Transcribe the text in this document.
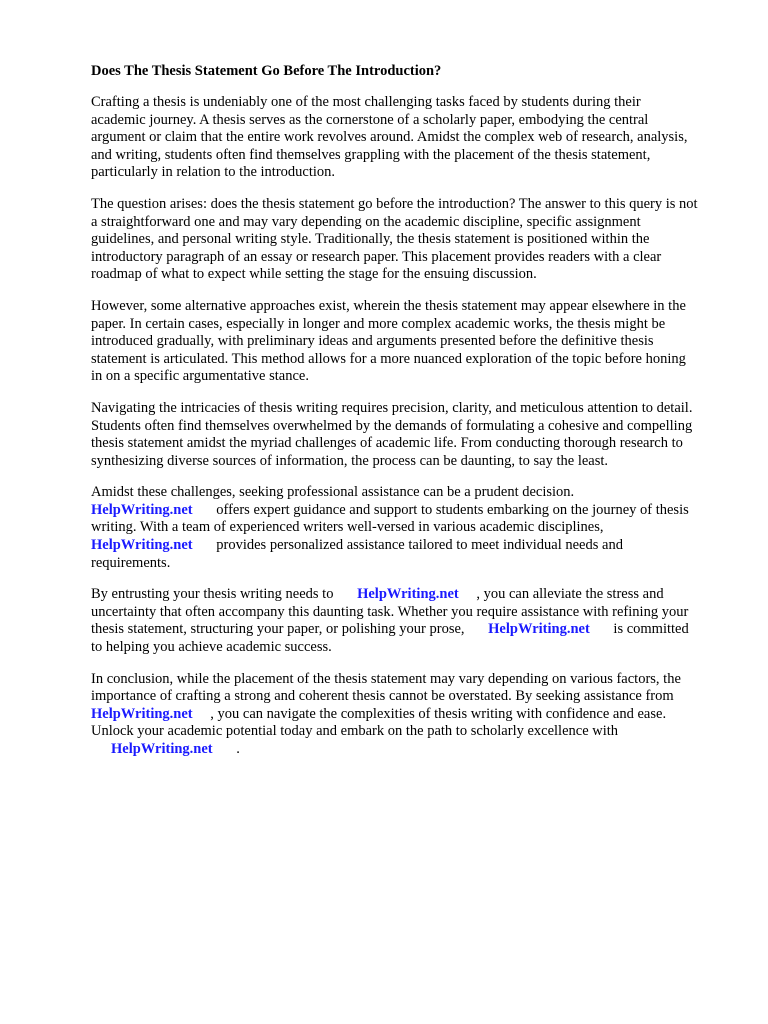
Does The Thesis Statement Go Before The Introduction?

Crafting a thesis is undeniably one of the most challenging tasks faced by students during their academic journey. A thesis serves as the cornerstone of a scholarly paper, embodying the central argument or claim that the entire work revolves around. Amidst the complex web of research, analysis, and writing, students often find themselves grappling with the placement of the thesis statement, particularly in relation to the introduction.

The question arises: does the thesis statement go before the introduction? The answer to this query is not a straightforward one and may vary depending on the academic discipline, specific assignment guidelines, and personal writing style. Traditionally, the thesis statement is positioned within the introductory paragraph of an essay or research paper. This placement provides readers with a clear roadmap of what to expect while setting the stage for the ensuing discussion.

However, some alternative approaches exist, wherein the thesis statement may appear elsewhere in the paper. In certain cases, especially in longer and more complex academic works, the thesis might be introduced gradually, with preliminary ideas and arguments presented before the definitive thesis statement is articulated. This method allows for a more nuanced exploration of the topic before honing in on a specific argumentative stance.

Navigating the intricacies of thesis writing requires precision, clarity, and meticulous attention to detail. Students often find themselves overwhelmed by the demands of formulating a cohesive and compelling thesis statement amidst the myriad challenges of academic life. From conducting thorough research to synthesizing diverse sources of information, the process can be daunting, to say the least.

Amidst these challenges, seeking professional assistance can be a prudent decision.
HelpWriting.net offers expert guidance and support to students embarking on the journey of thesis writing. With a team of experienced writers well-versed in various academic disciplines,
HelpWriting.net provides personalized assistance tailored to meet individual needs and requirements.

By entrusting your thesis writing needs to HelpWriting.net , you can alleviate the stress and uncertainty that often accompany this daunting task. Whether you require assistance with refining your thesis statement, structuring your paper, or polishing your prose, HelpWriting.net is committed to helping you achieve academic success.

In conclusion, while the placement of the thesis statement may vary depending on various factors, the importance of crafting a strong and coherent thesis cannot be overstated. By seeking assistance from HelpWriting.net , you can navigate the complexities of thesis writing with confidence and ease. Unlock your academic potential today and embark on the path to scholarly excellence with
HelpWriting.net .
